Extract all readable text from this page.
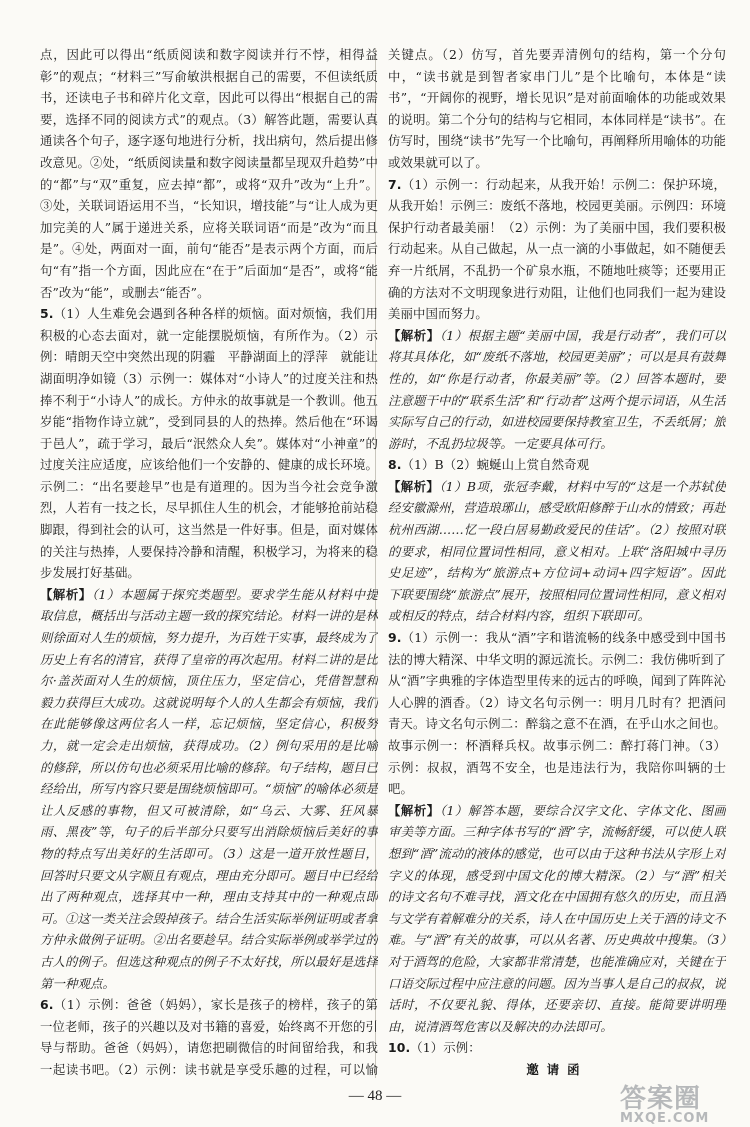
点，因此可以得出“纸质阅读和数字阅读并行不悖，相得益彰”的观点；“材料三”写俞敏洪根据自己的需要，不但读纸质书，还读电子书和碎片化文章，因此可以得出“根据自己的需要，选择不同的阅读方式”的观点。（3）解答此题，需要认真通读各个句子，逐字逐句地进行分析，找出病句，然后提出修改意见。②处，“纸质阅读量和数字阅读量都呈现双升趋势”中的“都”与“双”重复，应去掉“都”，或将“双升”改为“上升”。③处，关联词语运用不当，“长知识，增技能”与“让人成为更加完美的人”属于递进关系，应将关联词语“而是”改为“而且是”。④处，两面对一面，前句“能否”是表示两个方面，而后句“有”指一个方面，因此应在“在于”后面加“是否”，或将“能否”改为“能”，或删去“能否”。

5.（1）人生难免会遇到各种各样的烦恼。面对烦恼，我们用积极的心态去面对，就一定能摆脱烦恼，有所作为。（2）示例：晴朗天空中突然出现的阴霾　平静湖面上的浮萍　就能让湖面明净如镜（3）示例一：媒体对“小诗人”的过度关注和热捧不利于“小诗人”的成长。方仲永的故事就是一个教训。他五岁能“指物作诗立就”，受到同县的人的热捧。然后他在“环谒于邑人”，疏于学习，最后“泯然众人矣”。媒体对“小神童”的过度关注应适度，应该给他们一个安静的、健康的成长环境。示例二：“出名要趁早”也是有道理的。因为当今社会竞争激烈，人若有一技之长，尽早抓住人生的机会，才能够抢前站稳脚跟，得到社会的认可，这当然是一件好事。但是，面对媒体的关注与热捧，人要保持冷静和清醒，积极学习，为将来的稳步发展打好基础。

【解析】（1）本题属于探究类题型。要求学生能从材料中提取信息，概括出与活动主题一致的探究结论。材料一讲的是林则徐面对人生的烦恼，努力提升，为百姓干实事，最终成为了历史上有名的清官，获得了皇帝的再次起用。材料二讲的是比尔·盖茨面对人生的烦恼，顶住压力，坚定信心，凭借智慧和毅力获得巨大成功。这就说明每个人的人生都会有烦恼，我们在此能够像这两位名人一样，忘记烦恼，坚定信心，积极努力，就一定会走出烦恼，获得成功。（2）例句采用的是比喻的修辞，所以仿句也必须采用比喻的修辞。句子结构，题目已经给出，所写内容只要是围绕烦恼即可。“烦恼”的喻体必须是让人反感的事物，但又可被清除，如“乌云、大雾、狂风暴雨、黑夜”等，句子的后半部分只要写出消除烦恼后美好的事物的特点写出美好的生活即可。（3）这是一道开放性题目，回答时只要文从字顺且有观点，理由充分即可。题目中已经给出了两种观点，选择其中一种，理由支持其中的一种观点即可。①这一类关注会毁掉孩子。结合生活实际举例证明或者拿方仲永做例子证明。②出名要趁早。结合实际举例或举学过的古人的例子。但选这种观点的例子不太好找，所以最好是选择第一种观点。

6.（1）示例：爸爸（妈妈），家长是孩子的榜样，孩子的第一位老师，孩子的兴趣以及对书籍的喜爱，始终离不开您的引导与帮助。爸爸（妈妈），请您把刷微信的时间留给我，和我一起读书吧。（2）示例：读书就是享受乐趣的过程，可以愉

关键点。（2）仿写，首先要弄清例句的结构，第一个分句中，“读书就是到智者家串门儿”是个比喻句，本体是“读书”，“开阔你的视野，增长见识”是对前面喻体的功能或效果的说明。第二个分句的结构与它相同，本体同样是“读书”。在仿写时，围绕“读书”先写一个比喻句，再阐释所用喻体的功能或效果就可以了。

7.（1）示例一：行动起来，从我开始！示例二：保护环境，从我开始！示例三：废纸不落地，校园更美丽。示例四：环境保护行动者最美丽！（2）示例：为了美丽中国，我们要积极行动起来。从自己做起，从一点一滴的小事做起，如不随便丢弃一片纸屑，不乱扔一个矿泉水瓶，不随地吐痰等；还要用正确的方法对不文明现象进行劝阻，让他们也同我们一起为建设美丽中国而努力。

【解析】（1）根据主题“美丽中国，我是行动者”，我们可以将其具体化，如“废纸不落地，校园更美丽”；可以是具有鼓舞性的，如“你是行动者，你最美丽”等。（2）回答本题时，要注意题干中的“联系生活”和“行动者”这两个提示词语，从生活实际写自己的行动，如进校园要保持教室卫生，不丢纸屑；旅游时，不乱扔垃圾等。一定要具体可行。

8.（1）B（2）蜿蜒山上赏自然奇观

【解析】（1）B项，张冠李戴，材料中写的“这是一个苏轼使经安徽滁州，营造琅琊山，感受欧阳修醉于山水的情致；再赴杭州西湖……忆一段白居易勤政爱民的佳话”。（2）按照对联的要求，相同位置词性相同，意义相对。上联“洛阳城中寻历史足迹”，结构为“旅游点+方位词+动词+四字短语”。因此下联要围绕“旅游点”展开，按照相同位置词性相同，意义相对或相反的特点，结合材料内容，组织下联即可。

9.（1）示例一：我从“酒”字和谐流畅的线条中感受到中国书法的博大精深、中华文明的源远流长。示例二：我仿佛听到了从“酒”字典雅的字体造型里传来的远古的呼唤，闻到了阵阵沁人心脾的酒香。（2）诗文名句示例一：明月几时有？把酒问青天。诗文名句示例二：醉翁之意不在酒，在乎山水之间也。故事示例一：杯酒释兵权。故事示例二：醉打蒋门神。（3）示例：叔叔，酒驾不安全，也是违法行为，我陪你叫辆的士吧。

【解析】（1）解答本题，要综合汉字文化、字体文化、图画审美等方面。三种字体书写的“酒”字，流畅舒缓，可以使人联想到“酒”流动的液体的感觉，也可以由于这种书法从字形上对字义的体现，感受到中国文化的博大精深。（2）与“酒”相关的诗文名句不难寻找，酒文化在中国拥有悠久的历史，而且酒与文学有着解难分的关系，诗人在中国历史上关于酒的诗文不难。与“酒”有关的故事，可以从名著、历史典故中搜集。（3）对于酒驾的危险，大家都非常清楚，也能准确应对，关键在于口语交际过程中应注意的问题。因为当事人是自己的叔叔，说话时，不仅要礼貌、得体，还要亲切、直接。能简要讲明理由，说清酒驾危害以及解决的办法即可。

10.（1）示例：

邀请函

— 48 —	答案圈
MXQE.COM
